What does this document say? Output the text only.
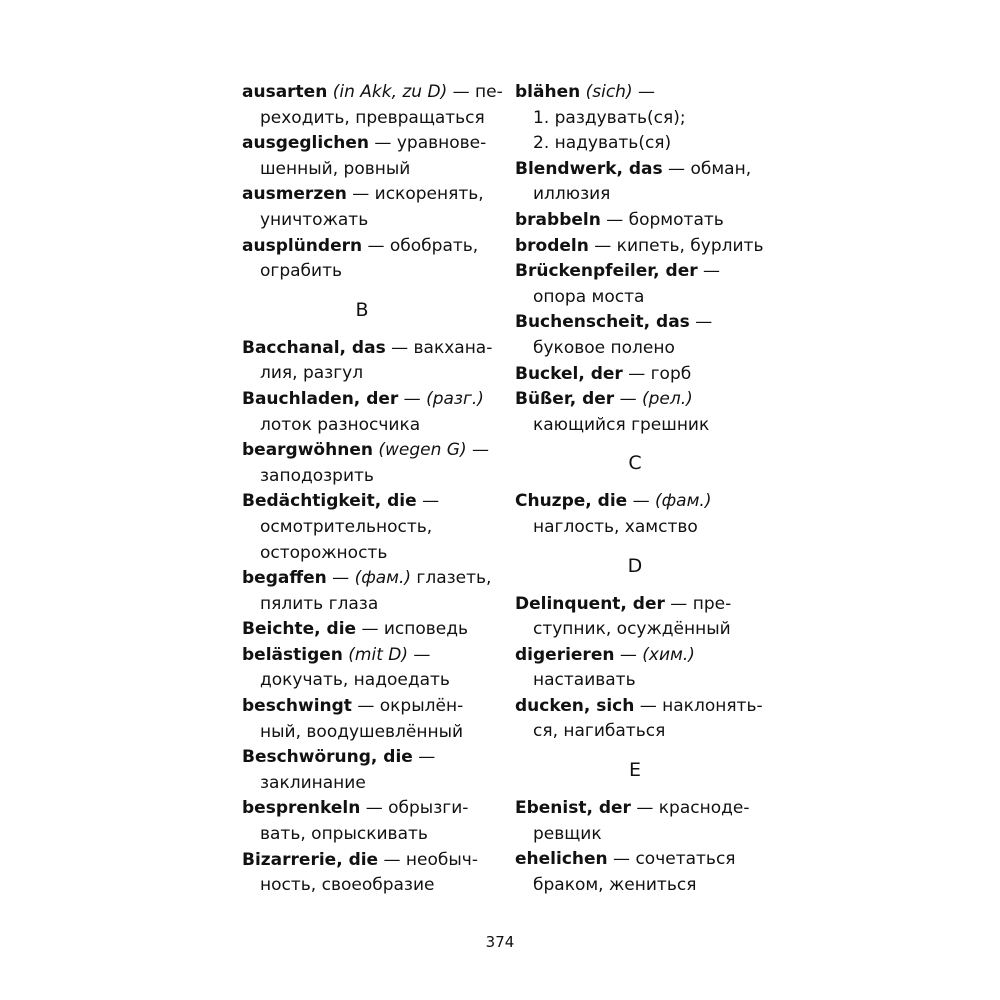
ausarten (in Akk, zu D) — пе-
реходить, превращаться
ausgeglichen — уравнове-
шенный, ровный
ausmerzen — искоренять,
уничтожать
ausplündern — обобрать,
ограбить
B
Bacchanal, das — вакхана-
лия, разгул
Bauchladen, der — (разг.)
лоток разносчика
beargwöhnen (wegen G) —
заподозрить
Bedächtigkeit, die —
осмотрительность,
осторожность
begaffen — (фам.) глазеть,
пялить глаза
Beichte, die — исповедь
belästigen (mit D) —
докучать, надоедать
beschwingt — окрылён-
ный, воодушевлённый
Beschwörung, die —
заклинание
besprenkeln — обрызги-
вать, опрыскивать
Bizarrerie, die — необыч-
ность, своеобразие
blähen (sich) —
1. раздувать(ся);
2. надувать(ся)
Blendwerk, das — обман,
иллюзия
brabbeln — бормотать
brodeln — кипеть, бурлить
Brückenpfeiler, der —
опора моста
Buchenscheit, das —
буковое полено
Buckel, der — горб
Büßer, der — (рел.)
кающийся грешник
C
Chuzpe, die — (фам.)
наглость, хамство
D
Delinquent, der — пре-
ступник, осуждённый
digerieren — (хим.)
настаивать
ducken, sich — наклонять-
ся, нагибаться
E
Ebenist, der — красноде-
ревщик
ehelichen — сочетаться
браком, жениться
374
